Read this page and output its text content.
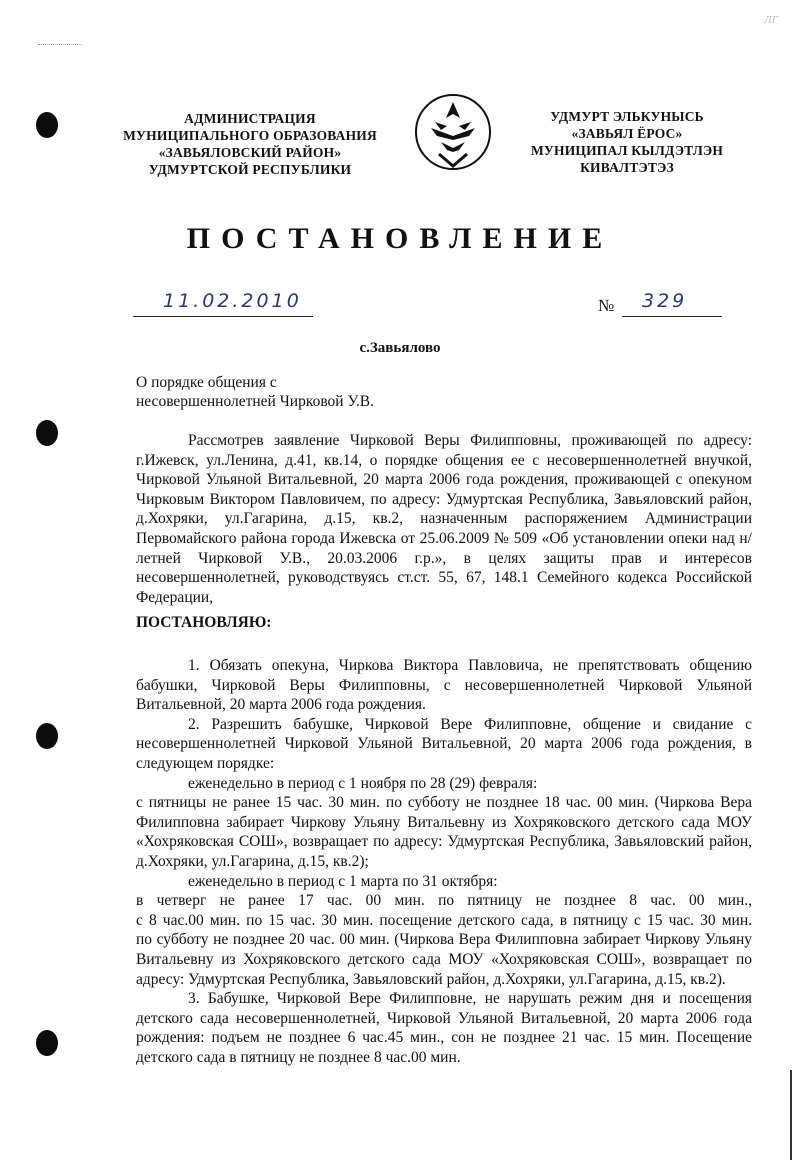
ЛГ
АДМИНИСТРАЦИЯ
МУНИЦИПАЛЬНОГО ОБРАЗОВАНИЯ
«ЗАВЬЯЛОВСКИЙ РАЙОН»
УДМУРТСКОЙ РЕСПУБЛИКИ
УДМУРТ ЭЛЬКУНЫСЬ
«ЗАВЬЯЛ ЁРОС»
МУНИЦИПАЛ КЫЛДЭТЛЭН
КИВАЛТЭТЭЗ
ПОСТАНОВЛЕНИЕ
11.02.2010	№ 329
с.Завьялово
О порядке общения с
несовершеннолетней Чирковой У.В.

Рассмотрев заявление Чирковой Веры Филипповны, проживающей по адресу: г.Ижевск, ул.Ленина, д.41, кв.14, о порядке общения ее с несовершеннолетней внучкой, Чирковой Ульяной Витальевной, 20 марта 2006 года рождения, проживающей с опекуном Чирковым Виктором Павловичем, по адресу: Удмуртская Республика, Завьяловский район, д.Хохряки, ул.Гагарина, д.15, кв.2, назначенным распоряжением Администрации Первомайского района города Ижевска от 25.06.2009 № 509 «Об установлении опеки над н/летней Чирковой У.В., 20.03.2006 г.р.», в целях защиты прав и интересов несовершеннолетней, руководствуясь ст.ст. 55, 67, 148.1 Семейного кодекса Российской Федерации,

ПОСТАНОВЛЯЮ:

1. Обязать опекуна, Чиркова Виктора Павловича, не препятствовать общению бабушки, Чирковой Веры Филипповны, с несовершеннолетней Чирковой Ульяной Витальевной, 20 марта 2006 года рождения.

2. Разрешить бабушке, Чирковой Вере Филипповне, общение и свидание с несовершеннолетней Чирковой Ульяной Витальевной, 20 марта 2006 года рождения, в следующем порядке:

еженедельно в период с 1 ноября по 28 (29) февраля:

с пятницы не ранее 15 час. 30 мин. по субботу не позднее 18 час. 00 мин. (Чиркова Вера Филипповна забирает Чиркову Ульяну Витальевну из Хохряковского детского сада МОУ «Хохряковская СОШ», возвращает по адресу: Удмуртская Республика, Завьяловский район, д.Хохряки, ул.Гагарина, д.15, кв.2);

еженедельно в период с 1 марта по 31 октября:

в четверг не ранее 17 час. 00 мин. по пятницу не позднее 8 час. 00 мин.,

с 8 час.00 мин. по 15 час. 30 мин. посещение детского сада, в пятницу с 15 час. 30 мин.

по субботу не позднее 20 час. 00 мин. (Чиркова Вера Филипповна забирает Чиркову Ульяну Витальевну из Хохряковского детского сада МОУ «Хохряковская СОШ», возвращает по адресу: Удмуртская Республика, Завьяловский район, д.Хохряки, ул.Гагарина, д.15, кв.2).

3. Бабушке, Чирковой Вере Филипповне, не нарушать режим дня и посещения детского сада несовершеннолетней, Чирковой Ульяной Витальевной, 20 марта 2006 года рождения: подъем не позднее 6 час.45 мин., сон не позднее 21 час. 15 мин. Посещение детского сада в пятницу не позднее 8 час.00 мин.
